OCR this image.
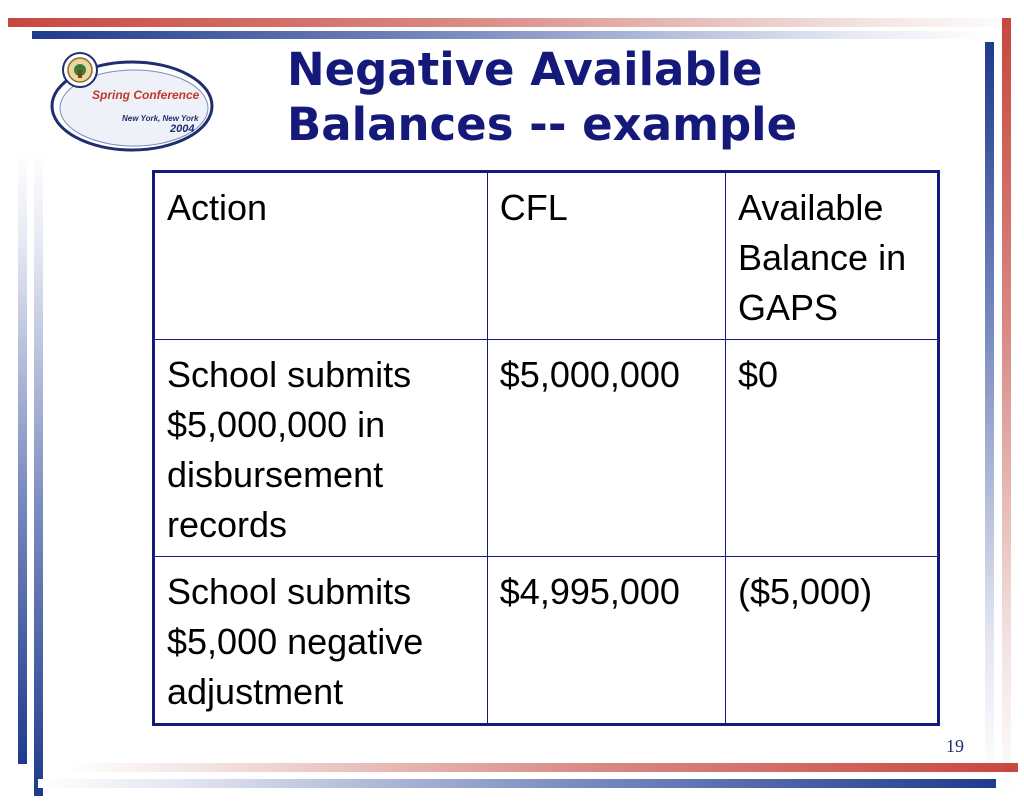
Spring Conference
New York, New York
2004
Negative Available
Balances -- example
Action	CFL	Available Balance in GAPS
School submits $5,000,000 in disbursement records	$5,000,000	$0
School submits $5,000 negative adjustment	$4,995,000	($5,000)
19
